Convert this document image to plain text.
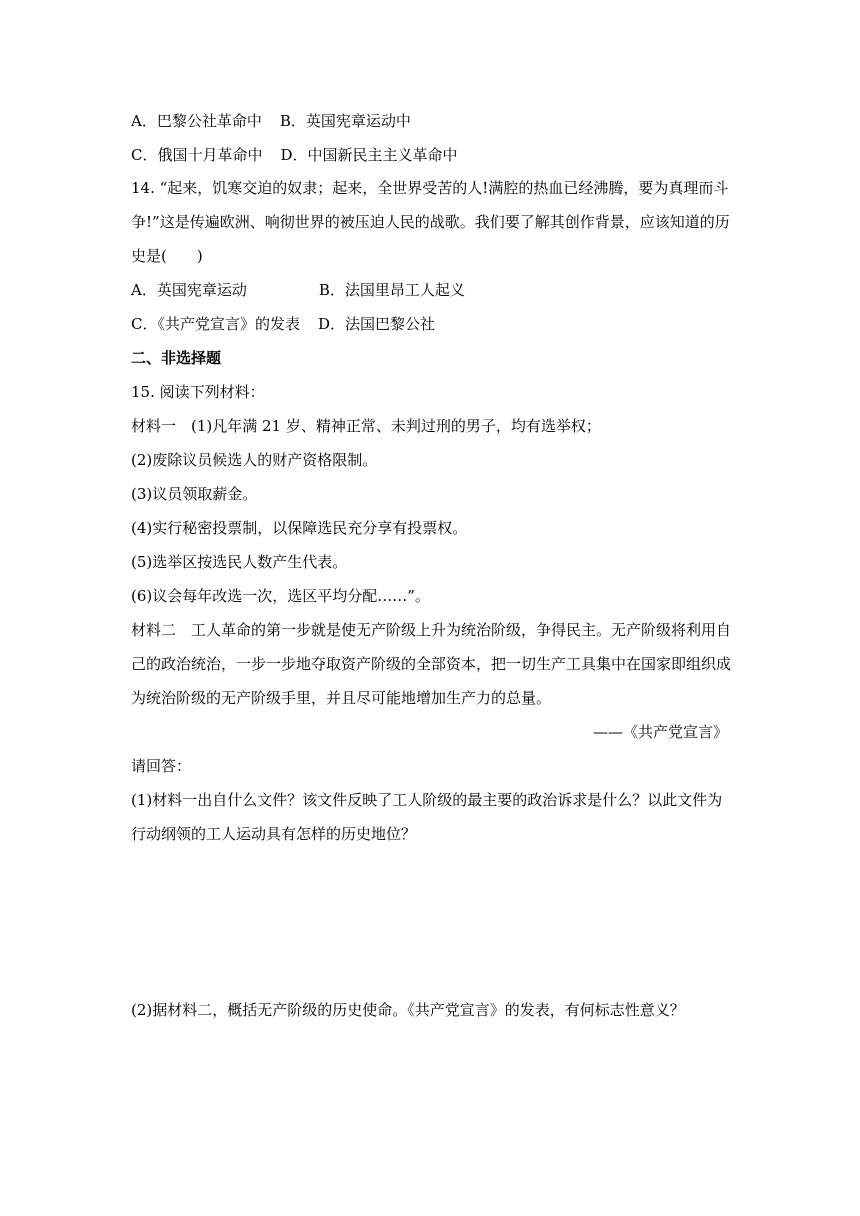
A．巴黎公社革命中 B．英国宪章运动中
C．俄国十月革命中 D．中国新民主主义革命中
14. “起来，饥寒交迫的奴隶；起来，全世界受苦的人!满腔的热血已经沸腾，要为真理而斗
争!”这是传遍欧洲、响彻世界的被压迫人民的战歌。我们要了解其创作背景，应该知道的历
史是(　　)
A．英国宪章运动	B．法国里昂工人起义
C．《共产党宣言》的发表 D．法国巴黎公社
二、非选择题
15. 阅读下列材料：
材料一　(1)凡年满 21 岁、精神正常、未判过刑的男子，均有选举权；
(2)废除议员候选人的财产资格限制。
(3)议员领取薪金。
(4)实行秘密投票制，以保障选民充分享有投票权。
(5)选举区按选民人数产生代表。
(6)议会每年改选一次，选区平均分配……”。
材料二　工人革命的第一步就是使无产阶级上升为统治阶级，争得民主。无产阶级将利用自
己的政治统治，一步一步地夺取资产阶级的全部资本，把一切生产工具集中在国家即组织成
为统治阶级的无产阶级手里，并且尽可能地增加生产力的总量。
——《共产党宣言》
请回答：
(1)材料一出自什么文件？该文件反映了工人阶级的最主要的政治诉求是什么？以此文件为
行动纲领的工人运动具有怎样的历史地位？
(2)据材料二，概括无产阶级的历史使命。《共产党宣言》的发表，有何标志性意义？
